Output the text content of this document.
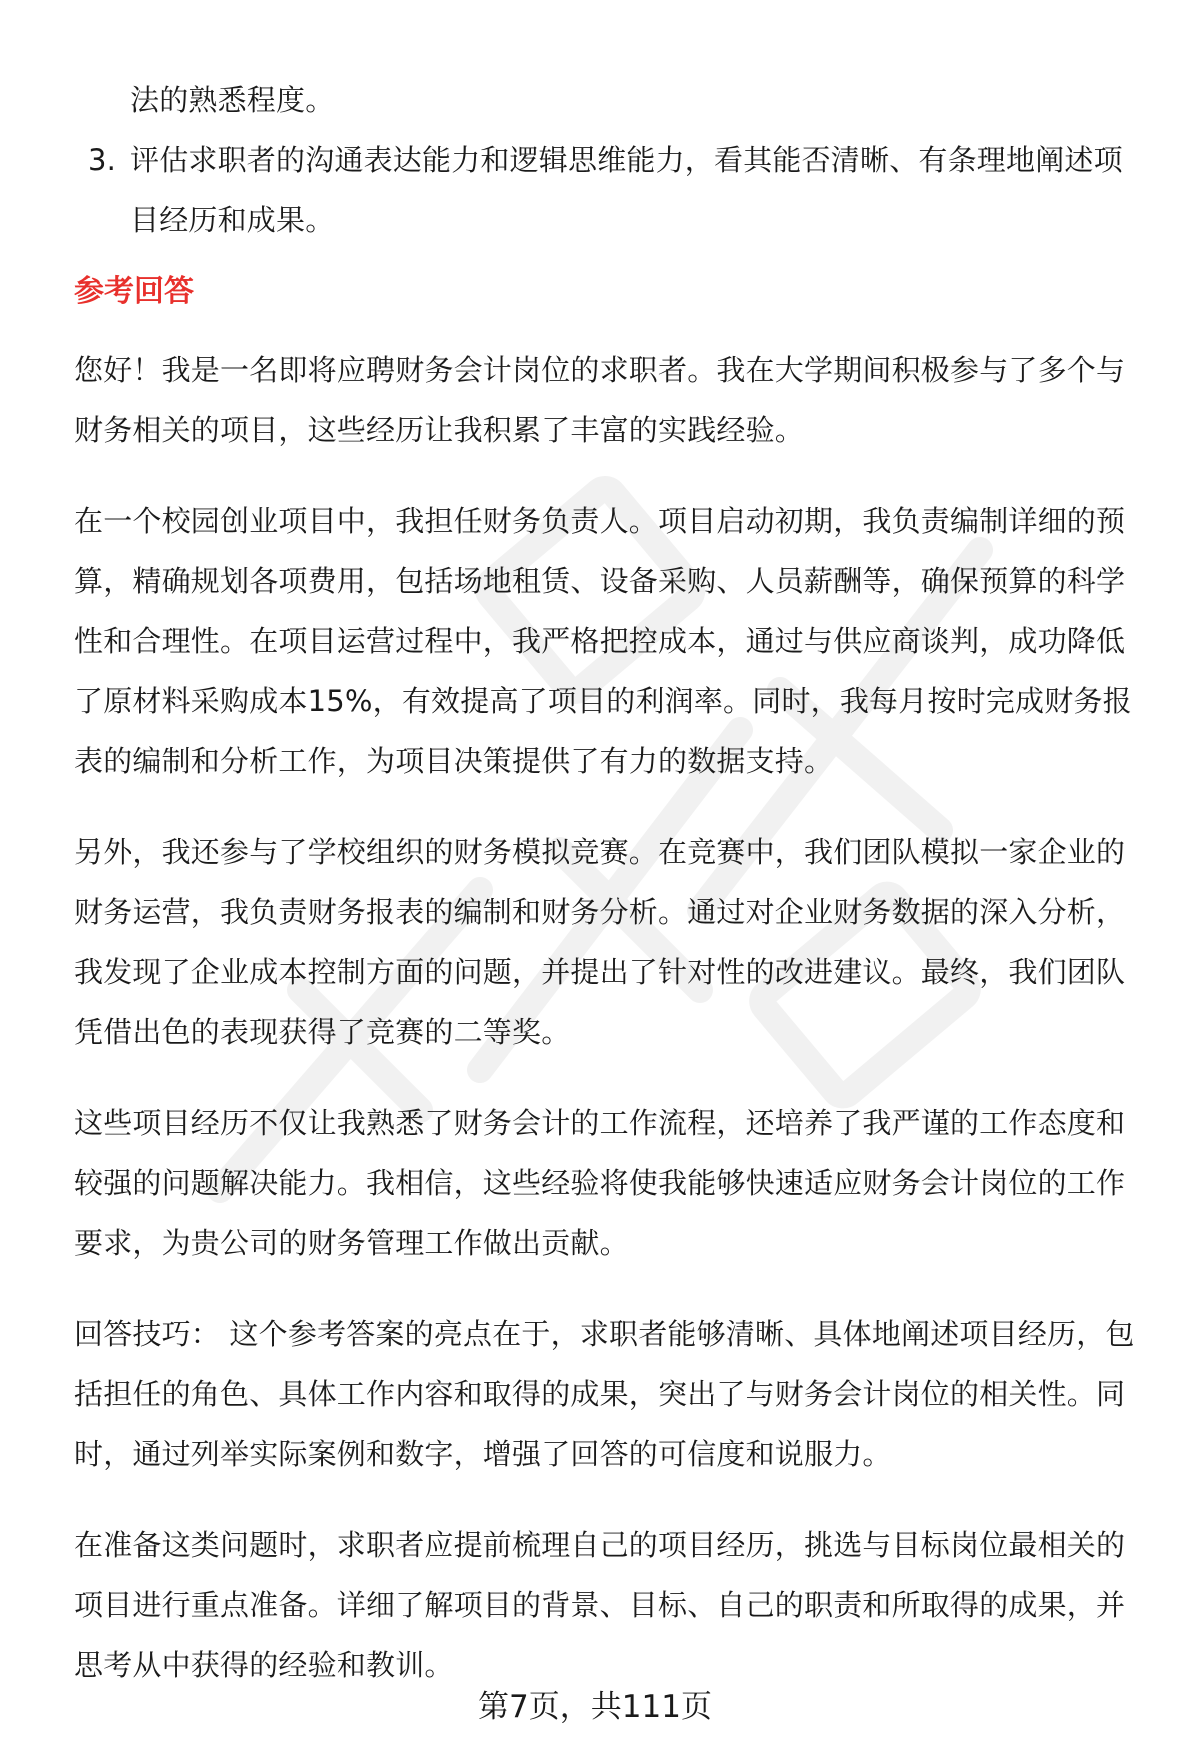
法的熟悉程度。
3. 评估求职者的沟通表达能力和逻辑思维能力，看其能否清晰、有条理地阐述项
目经历和成果。
参考回答
您好！我是一名即将应聘财务会计岗位的求职者。我在大学期间积极参与了多个与
财务相关的项目，这些经历让我积累了丰富的实践经验。
在一个校园创业项目中，我担任财务负责人。项目启动初期，我负责编制详细的预
算，精确规划各项费用，包括场地租赁、设备采购、人员薪酬等，确保预算的科学
性和合理性。在项目运营过程中，我严格把控成本，通过与供应商谈判，成功降低
了原材料采购成本15%，有效提高了项目的利润率。同时，我每月按时完成财务报
表的编制和分析工作，为项目决策提供了有力的数据支持。
另外，我还参与了学校组织的财务模拟竞赛。在竞赛中，我们团队模拟一家企业的
财务运营，我负责财务报表的编制和财务分析。通过对企业财务数据的深入分析，
我发现了企业成本控制方面的问题，并提出了针对性的改进建议。最终，我们团队
凭借出色的表现获得了竞赛的二等奖。
这些项目经历不仅让我熟悉了财务会计的工作流程，还培养了我严谨的工作态度和
较强的问题解决能力。我相信，这些经验将使我能够快速适应财务会计岗位的工作
要求，为贵公司的财务管理工作做出贡献。
回答技巧： 这个参考答案的亮点在于，求职者能够清晰、具体地阐述项目经历，包
括担任的角色、具体工作内容和取得的成果，突出了与财务会计岗位的相关性。同
时，通过列举实际案例和数字，增强了回答的可信度和说服力。
在准备这类问题时，求职者应提前梳理自己的项目经历，挑选与目标岗位最相关的
项目进行重点准备。详细了解项目的背景、目标、自己的职责和所取得的成果，并
思考从中获得的经验和教训。
第7页，共111页
